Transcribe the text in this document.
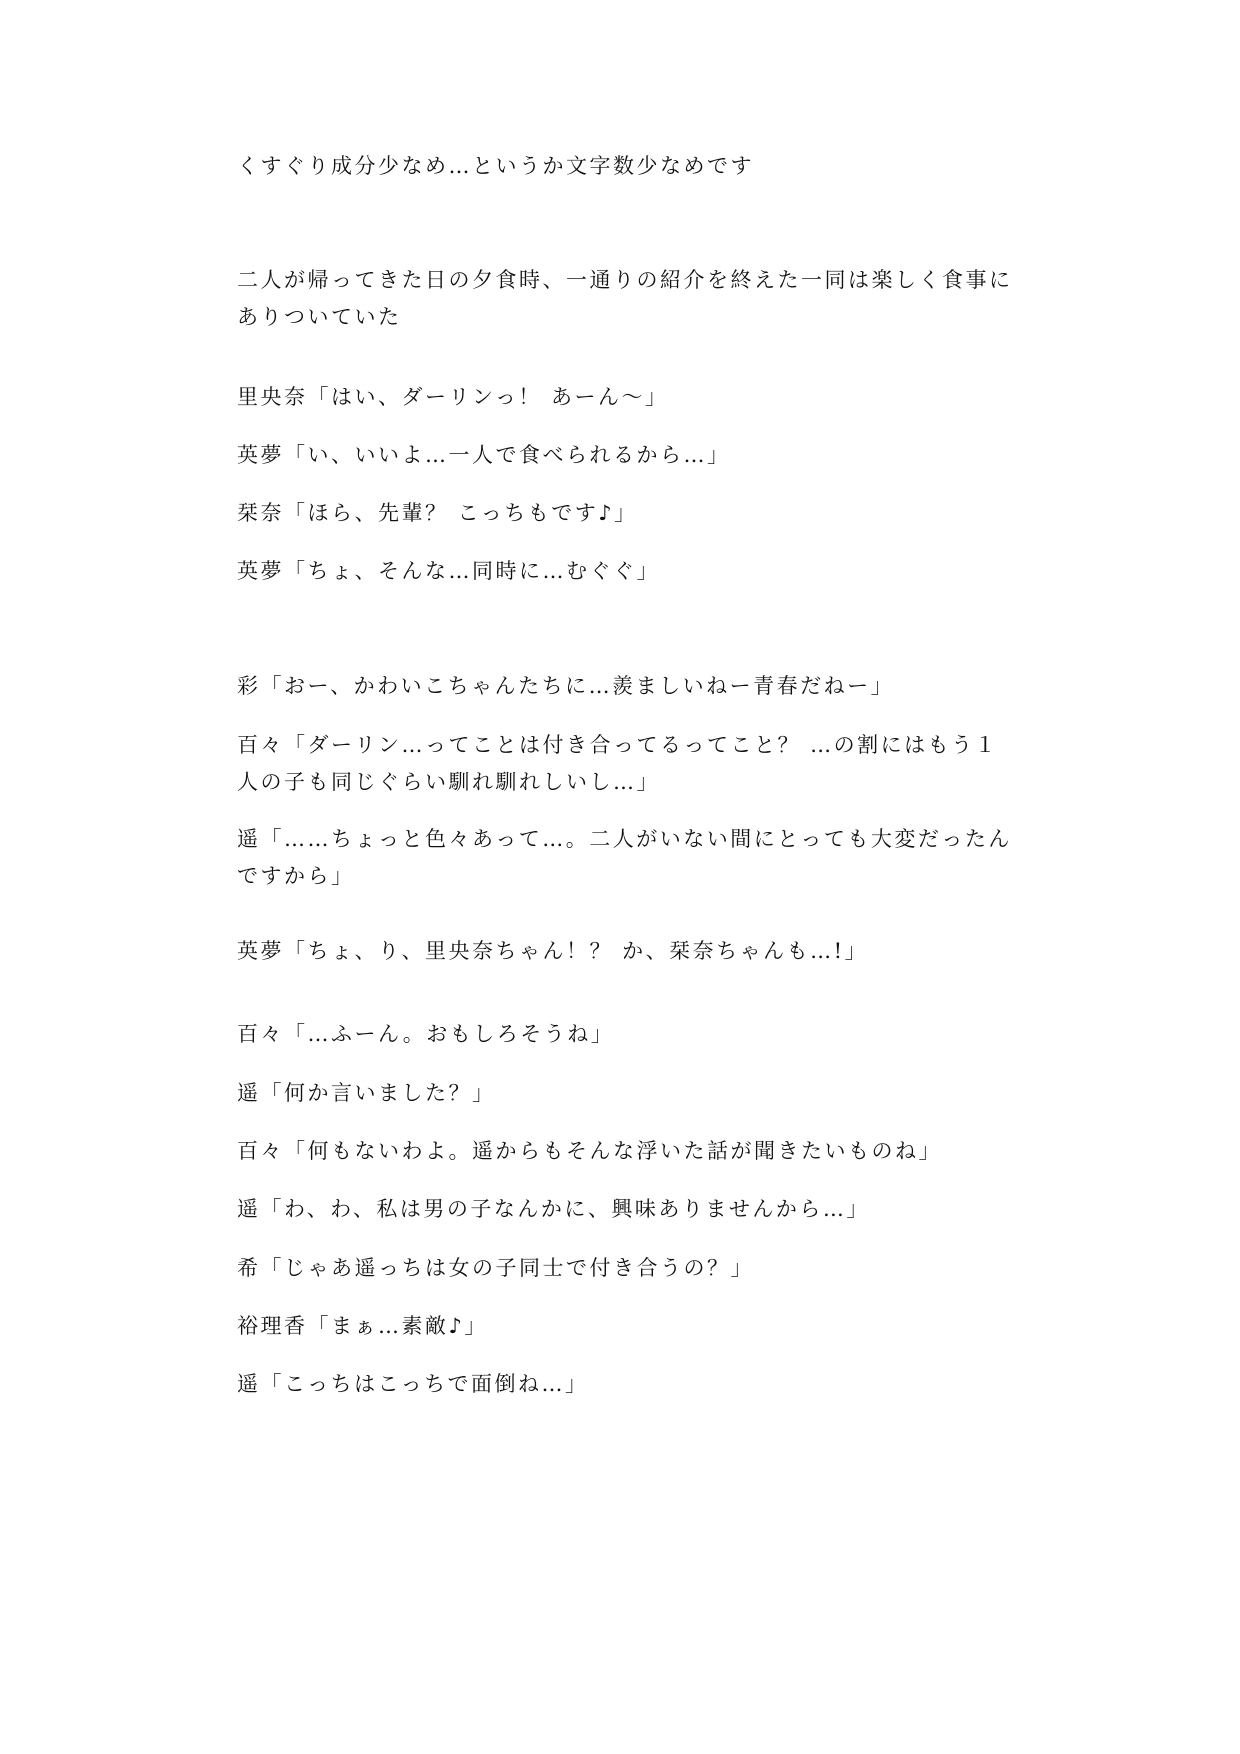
くすぐり成分少なめ…というか文字数少なめです

二人が帰ってきた日の夕食時、一通りの紹介を終えた一同は楽しく食事にありついていた

里央奈「はい、ダーリンっ！ あーん～」

英夢「い、いいよ…一人で食べられるから…」

栞奈「ほら、先輩？ こっちもです♪」

英夢「ちょ、そんな…同時に…むぐぐ」

彩「おー、かわいこちゃんたちに…羨ましいねー青春だねー」

百々「ダーリン…ってことは付き合ってるってこと？ …の割にはもう１人の子も同じぐらい馴れ馴れしいし…」

遥「……ちょっと色々あって…。二人がいない間にとっても大変だったんですから」

英夢「ちょ、り、里央奈ちゃん！？ か、栞奈ちゃんも…!」

百々「…ふーん。おもしろそうね」

遥「何か言いました？」

百々「何もないわよ。遥からもそんな浮いた話が聞きたいものね」

遥「わ、わ、私は男の子なんかに、興味ありませんから…」

希「じゃあ遥っちは女の子同士で付き合うの？」

裕理香「まぁ…素敵♪」

遥「こっちはこっちで面倒ね…」
